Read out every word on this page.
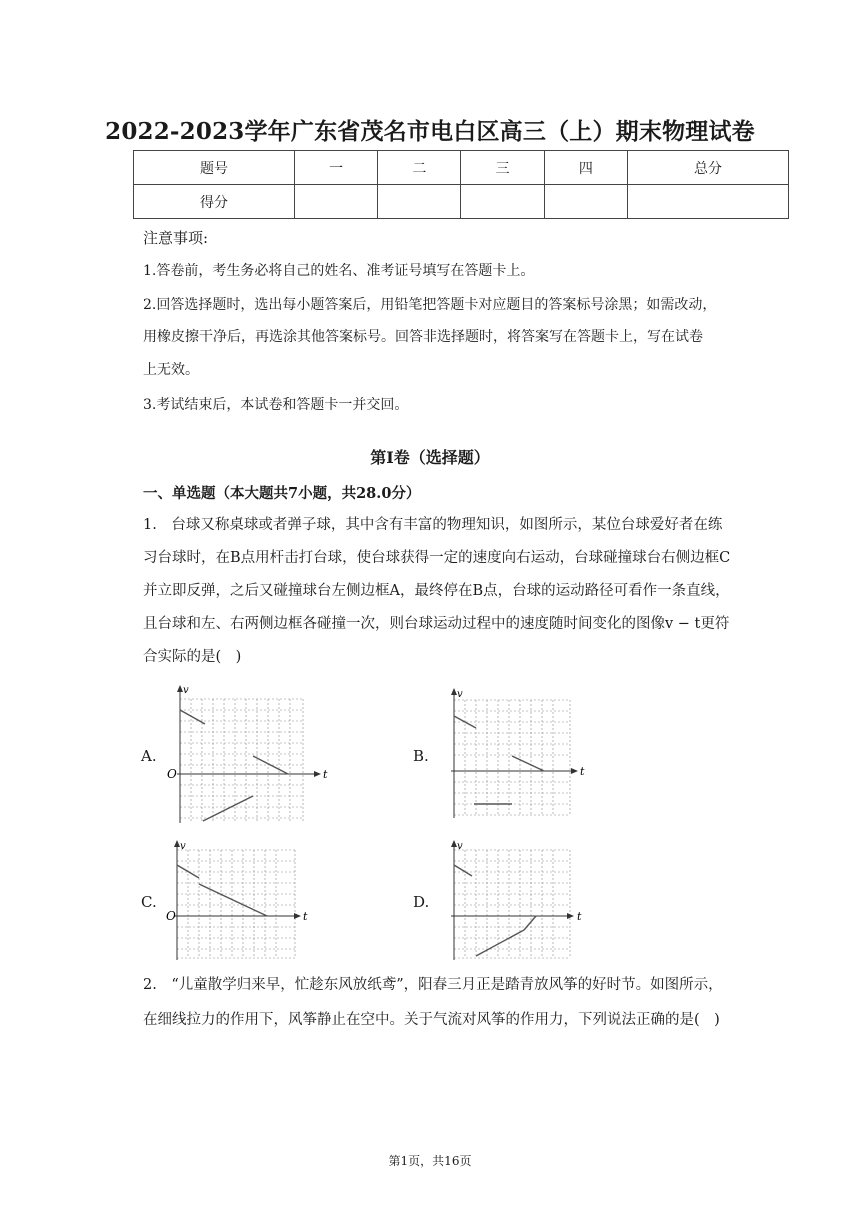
2022-2023学年广东省茂名市电白区高三（上）期末物理试卷
题号	一	二	三	四	总分
得分					
注意事项:
1.答卷前，考生务必将自己的姓名、准考证号填写在答题卡上。
2.回答选择题时，选出每小题答案后，用铅笔把答题卡对应题目的答案标号涂黑；如需改动，
用橡皮擦干净后，再选涂其他答案标号。回答非选择题时，将答案写在答题卡上，写在试卷
上无效。
3.考试结束后，本试卷和答题卡一并交回。
第Ⅰ卷（选择题）
一、单选题（本大题共7小题，共28.0分）
1.　台球又称桌球或者弹子球，其中含有丰富的物理知识，如图所示，某位台球爱好者在练
习台球时，在B点用杆击打台球，使台球获得一定的速度向右运动，台球碰撞球台右侧边框C
并立即反弹，之后又碰撞球台左侧边框A，最终停在B点，台球的运动路径可看作一条直线，
且台球和左、右两侧边框各碰撞一次，则台球运动过程中的速度随时间变化的图像v − t更符
合实际的是(　)
A.	B.
C.	D.
v
t
O
v
t
v
t
O
v
t
2.　“儿童散学归来早，忙趁东风放纸鸢”，阳春三月正是踏青放风筝的好时节。如图所示，
在细线拉力的作用下，风筝静止在空中。关于气流对风筝的作用力，下列说法正确的是(　)
第1页，共16页
